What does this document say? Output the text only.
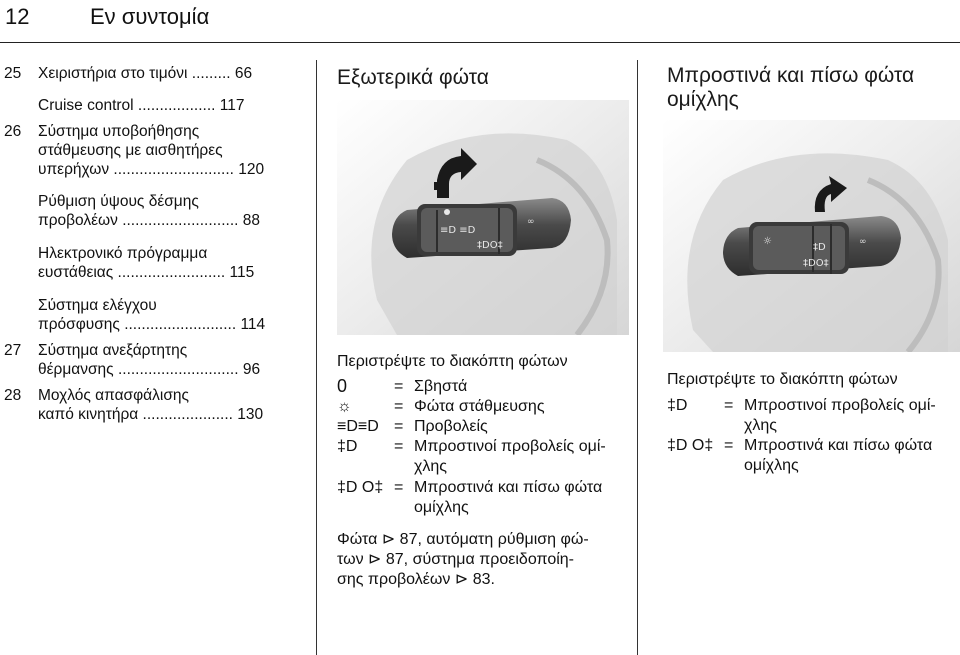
12	Εν συντομία
25	Χειριστήρια στο τιμόνι ......... 66
Cruise control .................. 117
26	Σύστημα υποβοήθησης
στάθμευσης με αισθητήρες
υπερήχων ............................ 120
Ρύθμιση ύψους δέσμης
προβολέων ........................... 88
Ηλεκτρονικό πρόγραμμα
ευστάθειας ......................... 115
Σύστημα ελέγχου
πρόσφυσης .......................... 114
27	Σύστημα ανεξάρτητης
θέρμανσης ............................ 96
28	Μοχλός απασφάλισης
καπό κινητήρα ..................... 130
Εξωτερικά φώτα
≡D ≡D
‡DO‡
∞
Περιστρέψτε το διακόπτη φώτων
0	= Σβηστά
☼	= Φώτα στάθμευσης
≡D≡D = Προβολείς
‡D	= Μπροστινοί προβολείς ομί-
χλης
‡D O‡ = Μπροστινά και πίσω φώτα
ομίχλης
Φώτα ⊳ 87, αυτόματη ρύθμιση φώ-
των ⊳ 87, σύστημα προειδοποίη-
σης προβολέων ⊳ 83.
Μπροστινά και πίσω φώτα
ομίχλης
☼
‡D
‡DO‡
∞
Περιστρέψτε το διακόπτη φώτων
‡D	= Μπροστινοί προβολείς ομί-
χλης
‡D O‡ = Μπροστινά και πίσω φώτα
ομίχλης
